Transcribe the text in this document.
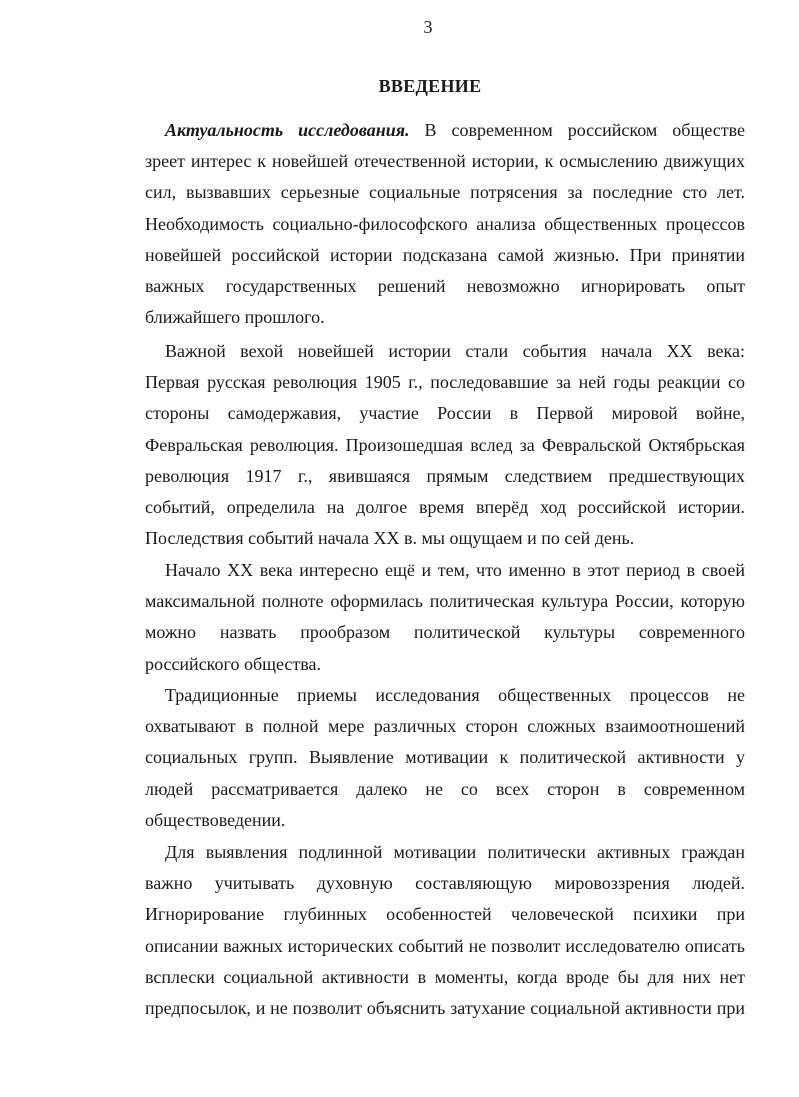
3
ВВЕДЕНИЕ
Актуальность исследования. В современном российском обществе
зреет интерес к новейшей отечественной истории, к осмыслению движущих
сил, вызвавших серьезные социальные потрясения за последние сто лет.
Необходимость социально-философского анализа общественных процессов
новейшей российской истории подсказана самой жизнью. При принятии
важных государственных решений невозможно игнорировать опыт
ближайшего прошлого.
Важной вехой новейшей истории стали события начала XX века:
Первая русская революция 1905 г., последовавшие за ней годы реакции со
стороны самодержавия, участие России в Первой мировой войне,
Февральская революция. Произошедшая вслед за Февральской Октябрьская
революция 1917 г., явившаяся прямым следствием предшествующих
событий, определила на долгое время вперёд ход российской истории.
Последствия событий начала XX в. мы ощущаем и по сей день.
Начало XX века интересно ещё и тем, что именно в этот период в своей
максимальной полноте оформилась политическая культура России, которую
можно назвать прообразом политической культуры современного
российского общества.
Традиционные приемы исследования общественных процессов не
охватывают в полной мере различных сторон сложных взаимоотношений
социальных групп. Выявление мотивации к политической активности у
людей рассматривается далеко не со всех сторон в современном
обществоведении.
Для выявления подлинной мотивации политически активных граждан
важно учитывать духовную составляющую мировоззрения людей.
Игнорирование глубинных особенностей человеческой психики при
описании важных исторических событий не позволит исследователю описать
всплески социальной активности в моменты, когда вроде бы для них нет
предпосылок, и не позволит объяснить затухание социальной активности при
